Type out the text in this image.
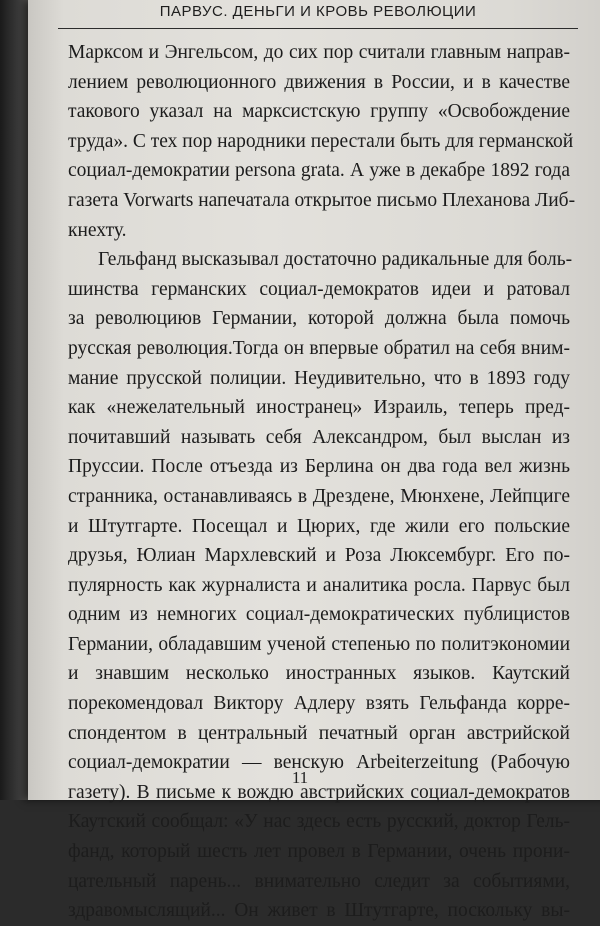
ПАРВУС. ДЕНЬГИ И КРОВЬ РЕВОЛЮЦИИ
Марксом и Энгельсом, до сих пор считали главным направ-
лением революционного движения в России, и в качестве
такового указал на марксистскую группу «Освобождение
труда». С тех пор народники перестали быть для германской
социал-демократии persona grata. А уже в декабре 1892 года
газета Vorwarts напечатала открытое письмо Плеханова Либ-
кнехту.
Гельфанд высказывал достаточно радикальные для боль-
шинства германских социал-демократов идеи и ратовал
за революциюв Германии, которой должна была помочь
русская революция.Тогда он впервые обратил на себя вним-
мание прусской полиции. Неудивительно, что в 1893 году
как «нежелательный иностранец» Израиль, теперь пред-
почитавший называть себя Александром, был выслан из
Пруссии. После отъезда из Берлина он два года вел жизнь
странника, останавливаясь в Дрездене, Мюнхене, Лейпциге
и Штутгарте. Посещал и Цюрих, где жили его польские
друзья, Юлиан Мархлевский и Роза Люксембург. Его по-
пулярность как журналиста и аналитика росла. Парвус был
одним из немногих социал-демократических публицистов
Германии, обладавшим ученой степенью по политэкономии
и знавшим несколько иностранных языков. Каутский
порекомендовал Виктору Адлеру взять Гельфанда корре-
спондентом в центральный печатный орган австрийской
социал-демократии — венскую Arbeiterzeitung (Рабочую
газету). В письме к вождю австрийских социал-демократов
Каутский сообщал: «У нас здесь есть русский, доктор Гель-
фанд, который шесть лет провел в Германии, очень прони-
цательный парень... внимательно следит за событиями,
здравомыслящий... Он живет в Штутгарте, поскольку вы-
11
